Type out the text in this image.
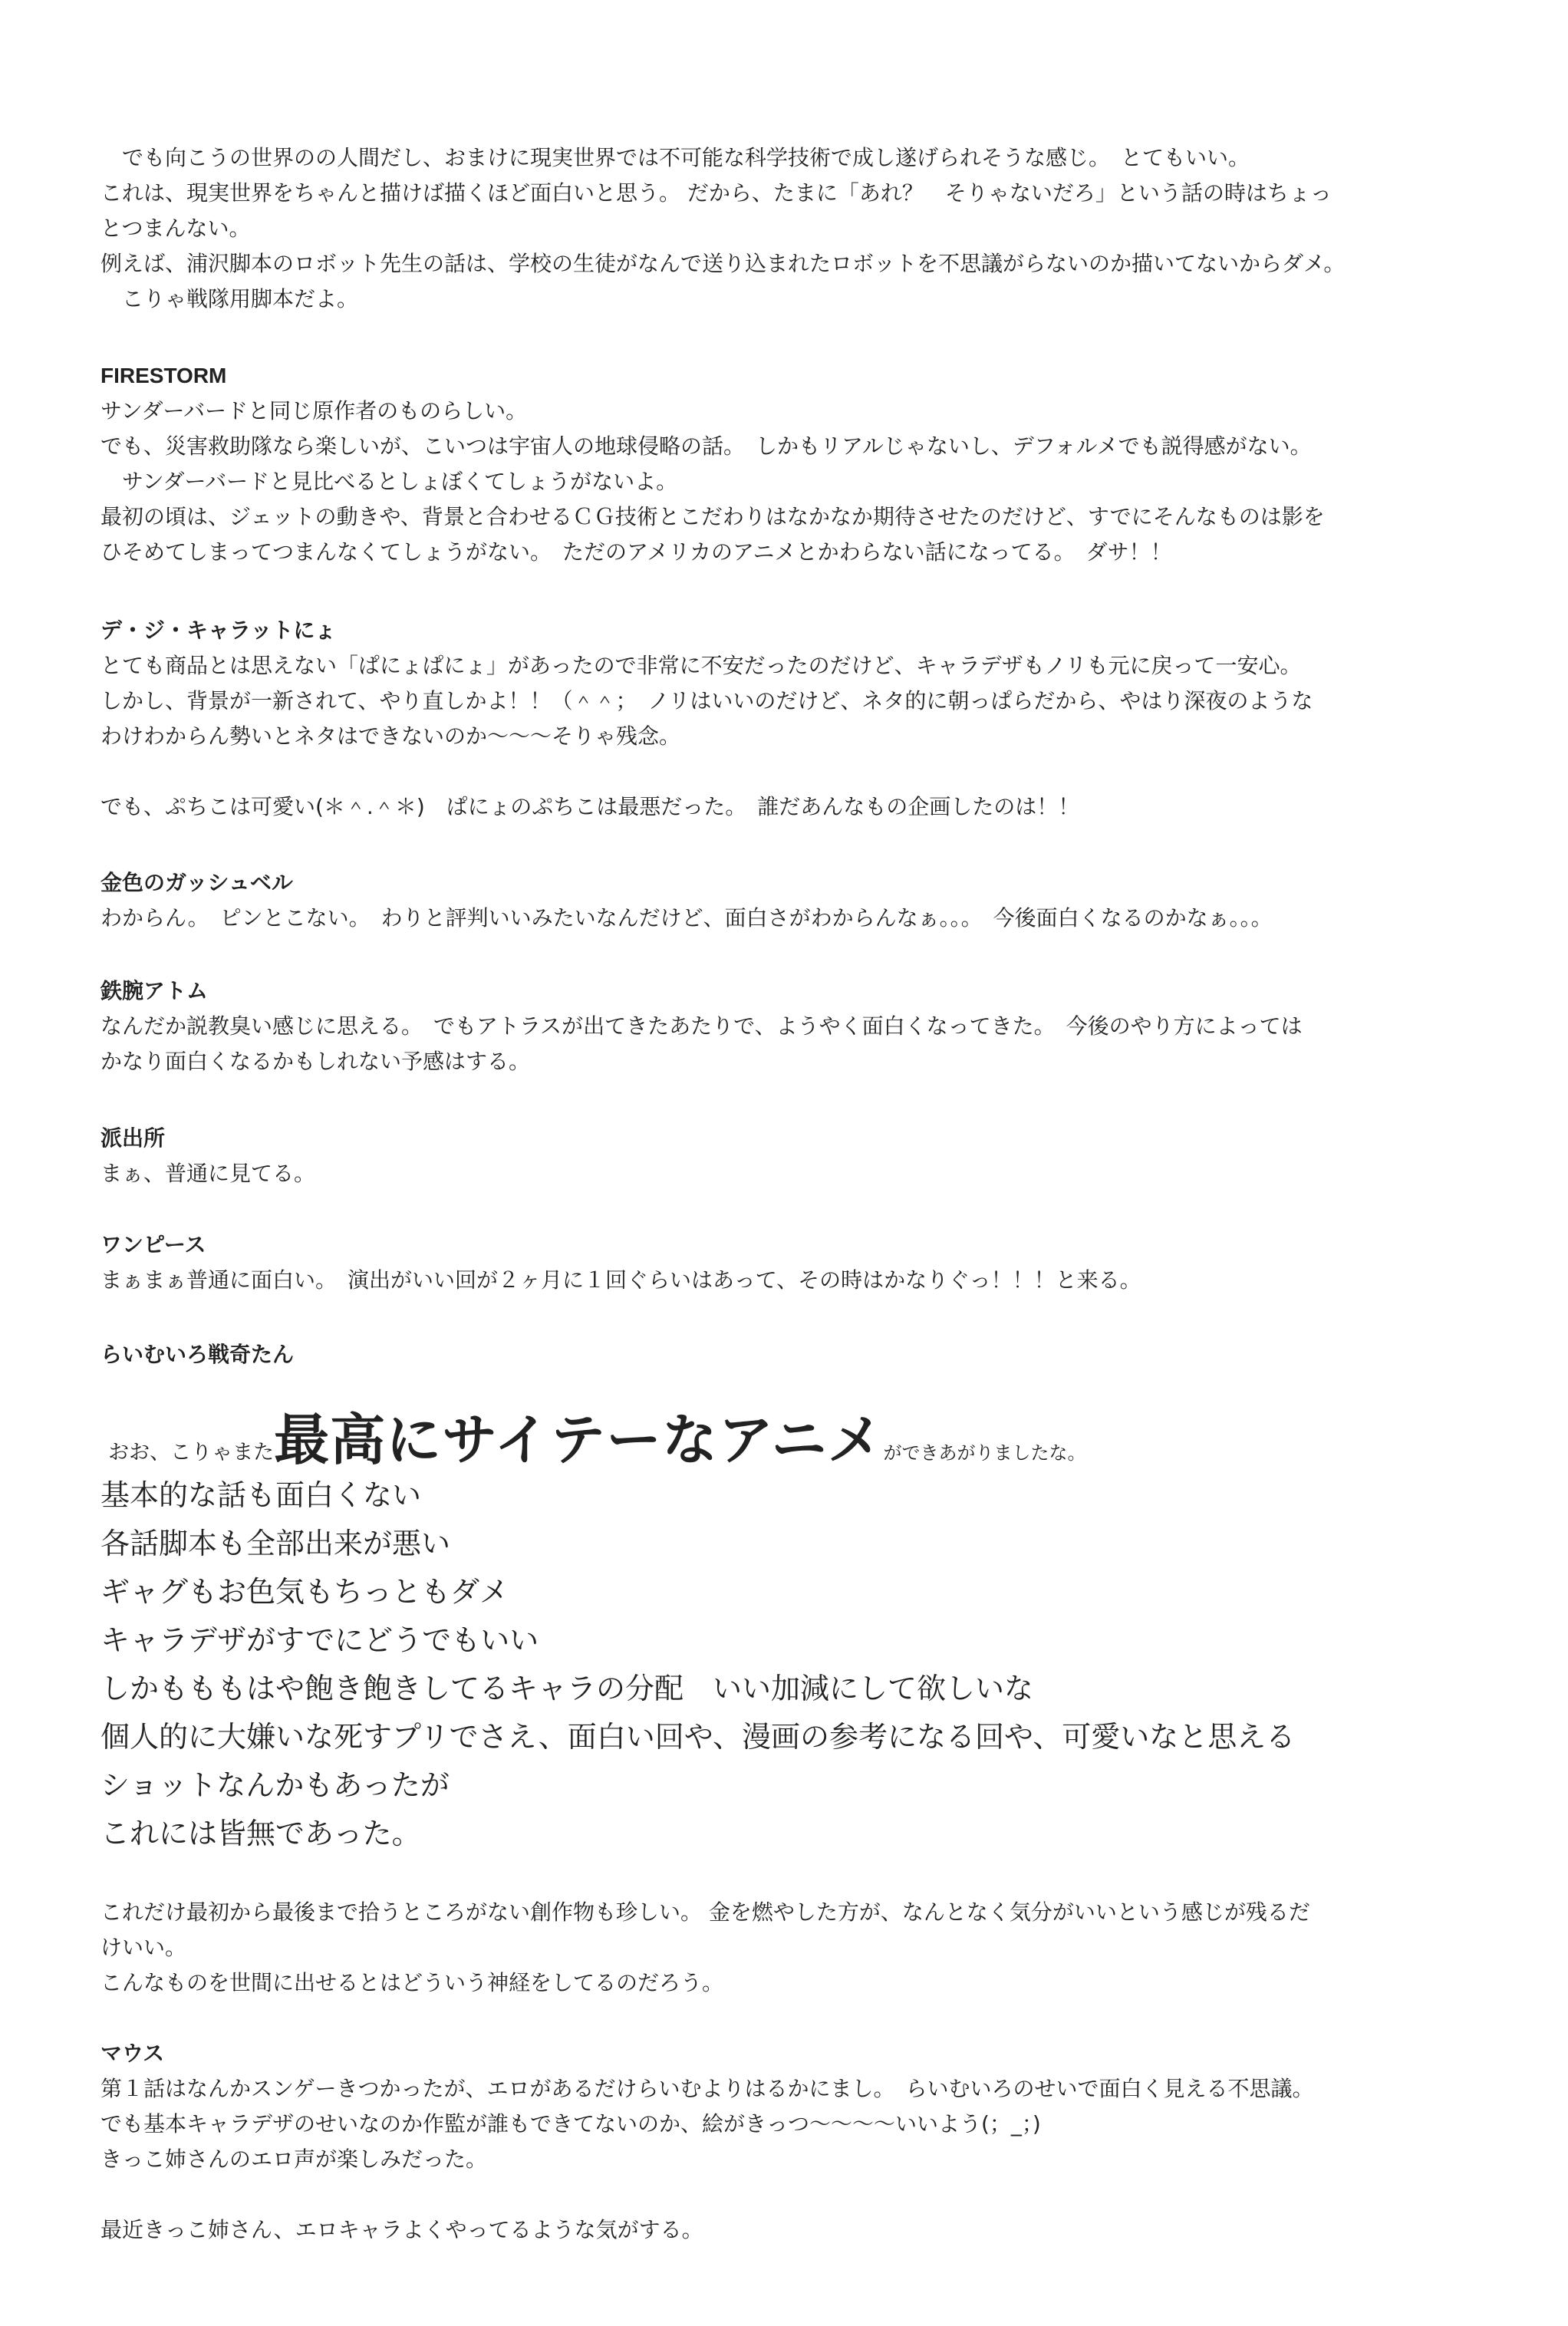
　でも向こうの世界のの人間だし、おまけに現実世界では不可能な科学技術で成し遂げられそうな感じ。　とてもいい。
これは、現実世界をちゃんと描けば描くほど面白いと思う。 だから、たまに「あれ？　そりゃないだろ」という話の時はちょっ
とつまんない。
例えば、浦沢脚本のロボット先生の話は、学校の生徒がなんで送り込まれたロボットを不思議がらないのか描いてないからダメ。
　こりゃ戦隊用脚本だよ。
FIRESTORM
サンダーバードと同じ原作者のものらしい。
でも、災害救助隊なら楽しいが、こいつは宇宙人の地球侵略の話。　しかもリアルじゃないし、デフォルメでも説得感がない。
　サンダーバードと見比べるとしょぼくてしょうがないよ。
最初の頃は、ジェットの動きや、背景と合わせるＣＧ技術とこだわりはなかなか期待させたのだけど、すでにそんなものは影を
ひそめてしまってつまんなくてしょうがない。　ただのアメリカのアニメとかわらない話になってる。　ダサ！！
デ・ジ・キャラットにょ
とても商品とは思えない「ぱにょぱにょ」があったので非常に不安だったのだけど、キャラデザもノリも元に戻って一安心。
しかし、背景が一新されて、やり直しかよ！！（＾＾；　ノリはいいのだけど、ネタ的に朝っぱらだから、やはり深夜のような
わけわからん勢いとネタはできないのか〜〜〜そりゃ残念。
でも、ぷちこは可愛い(＊＾.＾＊)　ぱにょのぷちこは最悪だった。　誰だあんなもの企画したのは！！
金色のガッシュベル
わからん。　ピンとこない。　わりと評判いいみたいなんだけど、面白さがわからんなぁ。。。　今後面白くなるのかなぁ。。。
鉄腕アトム
なんだか説教臭い感じに思える。　でもアトラスが出てきたあたりで、ようやく面白くなってきた。　今後のやり方によっては
かなり面白くなるかもしれない予感はする。
派出所
まぁ、普通に見てる。
ワンピース
まぁまぁ普通に面白い。　演出がいい回が２ヶ月に１回ぐらいはあって、その時はかなりぐっ！！！と来る。
らいむいろ戦奇たん

おお、こりゃまた最高にサイテーなアニメができあがりましたな。

基本的な話も面白くない
各話脚本も全部出来が悪い
ギャグもお色気もちっともダメ
キャラデザがすでにどうでもいい
しかもももはや飽き飽きしてるキャラの分配　いい加減にして欲しいな
個人的に大嫌いな死すプリでさえ、面白い回や、漫画の参考になる回や、可愛いなと思える
ショットなんかもあったが
これには皆無であった。
これだけ最初から最後まで拾うところがない創作物も珍しい。 金を燃やした方が、なんとなく気分がいいという感じが残るだ
けいい。
こんなものを世間に出せるとはどういう神経をしてるのだろう。
マウス
第１話はなんかスンゲーきつかったが、エロがあるだけらいむよりはるかにまし。　らいむいろのせいで面白く見える不思議。
でも基本キャラデザのせいなのか作監が誰もできてないのか、絵がきっつ〜〜〜〜いいよう(；_；)
きっこ姉さんのエロ声が楽しみだった。
最近きっこ姉さん、エロキャラよくやってるような気がする。
